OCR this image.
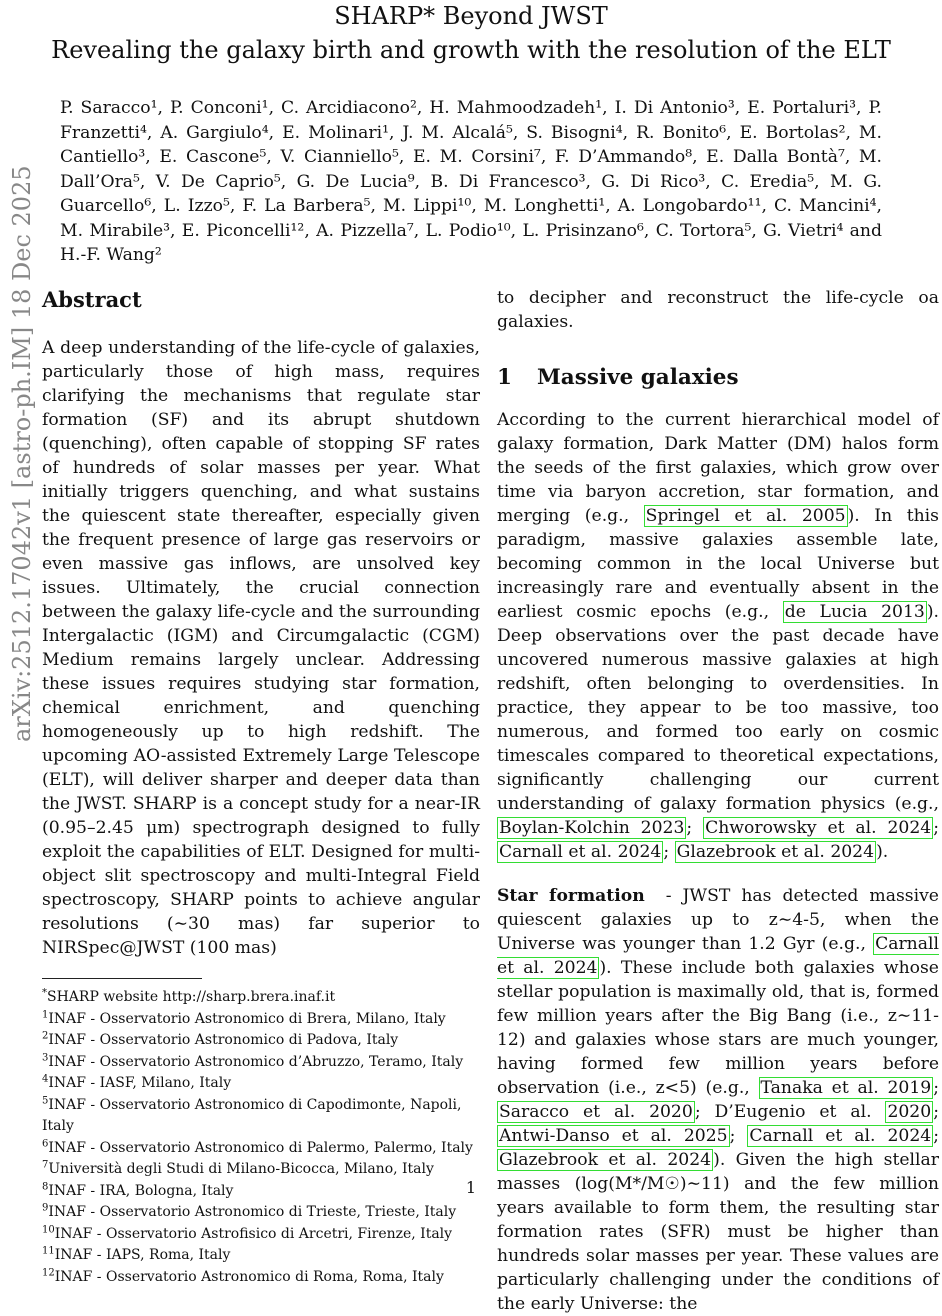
SHARP* Beyond JWST
Revealing the galaxy birth and growth with the resolution of the ELT
P. Saracco¹, P. Conconi¹, C. Arcidiacono², H. Mahmoodzadeh¹, I. Di Antonio³, E. Portaluri³, P. Franzetti⁴, A. Gargiulo⁴, E. Molinari¹, J. M. Alcalá⁵, S. Bisogni⁴, R. Bonito⁶, E. Bortolas², M. Cantiello³, E. Cascone⁵, V. Cianniello⁵, E. M. Corsini⁷, F. D’Ammando⁸, E. Dalla Bontà⁷, M. Dall’Ora⁵, V. De Caprio⁵, G. De Lucia⁹, B. Di Francesco³, G. Di Rico³, C. Eredia⁵, M. G. Guarcello⁶, L. Izzo⁵, F. La Barbera⁵, M. Lippi¹⁰, M. Longhetti¹, A. Longobardo¹¹, C. Mancini⁴, M. Mirabile³, E. Piconcelli¹², A. Pizzella⁷, L. Podio¹⁰, L. Prisinzano⁶, C. Tortora⁵, G. Vietri⁴ and H.-F. Wang²
arXiv:2512.17042v1 [astro-ph.IM] 18 Dec 2025 Abstract

A deep understanding of the life-cycle of galaxies, particularly those of high mass, requires clarifying the mechanisms that regulate star formation (SF) and its abrupt shutdown (quenching), often capable of stopping SF rates of hundreds of solar masses per year. What initially triggers quenching, and what sustains the quiescent state thereafter, especially given the frequent presence of large gas reservoirs or even massive gas inflows, are unsolved key issues. Ultimately, the crucial connection between the galaxy life-cycle and the surrounding Intergalactic (IGM) and Circumgalactic (CGM) Medium remains largely unclear. Addressing these issues requires studying star formation, chemical enrichment, and quenching homogeneously up to high redshift. The upcoming AO-assisted Extremely Large Telescope (ELT), will deliver sharper and deeper data than the JWST. SHARP is a concept study for a near-IR (0.95–2.45 μm) spectrograph designed to fully exploit the capabilities of ELT. Designed for multi-object slit spectroscopy and multi-Integral Field spectroscopy, SHARP points to achieve angular resolutions (∼30 mas) far superior to NIRSpec@JWST (100 mas)

*SHARP website http://sharp.brera.inaf.it

$^1$INAF - Osservatorio Astronomico di Brera, Milano, Italy

$^2$INAF - Osservatorio Astronomico di Padova, Italy

$^3$INAF - Osservatorio Astronomico d’Abruzzo, Teramo, Italy

$^4$INAF - IASF, Milano, Italy

$^5$INAF - Osservatorio Astronomico di Capodimonte, Napoli, Italy

$^6$INAF - Osservatorio Astronomico di Palermo, Palermo, Italy

$^7$Università degli Studi di Milano-Bicocca, Milano, Italy

$^8$INAF - IRA, Bologna, Italy

$^9$INAF - Osservatorio Astronomico di Trieste, Trieste, Italy

$^{10}$INAF - Osservatorio Astrofisico di Arcetri, Firenze, Italy

$^{11}$INAF - IAPS, Roma, Italy

$^{12}$INAF - Osservatorio Astronomico di Roma, Roma, Italy

to decipher and reconstruct the life-cycle oa galaxies.

1 Massive galaxies

According to the current hierarchical model of galaxy formation, Dark Matter (DM) halos form the seeds of the first galaxies, which grow over time via baryon accretion, star formation, and merging (e.g., Springel et al. 2005 ). In this paradigm, massive galaxies assemble late, becoming common in the local Universe but increasingly rare and eventually absent in the earliest cosmic epochs (e.g., de Lucia 2013 ). Deep observations over the past decade have uncovered numerous massive galaxies at high redshift, often belonging to overdensities. In practice, they appear to be too massive, too numerous, and formed too early on cosmic timescales compared to theoretical expectations, significantly challenging our current understanding of galaxy formation physics (e.g., Boylan-Kolchin 2023 ; Chworowsky et al. 2024 ; Carnall et al. 2024 ; Glazebrook et al. 2024 ).

Star formation - JWST has detected massive quiescent galaxies up to z∼4-5, when the Universe was younger than 1.2 Gyr (e.g., Carnall et al. 2024 ). These include both galaxies whose stellar population is maximally old, that is, formed few million years after the Big Bang (i.e., z∼11-12) and galaxies whose stars are much younger, having formed few million years before observation (i.e., z<5) (e.g., Tanaka et al. 2019 ; Saracco et al. 2020 ; D’Eugenio et al. 2020 ; Antwi-Danso et al. 2025 ; Carnall et al. 2024 ; Glazebrook et al. 2024 ). Given the high stellar masses (log(M*/M☉)∼11) and the few million years available to form them, the resulting star formation rates (SFR) must be higher than hundreds solar masses per year. These values are particularly challenging under the conditions of the early Universe: the

1
